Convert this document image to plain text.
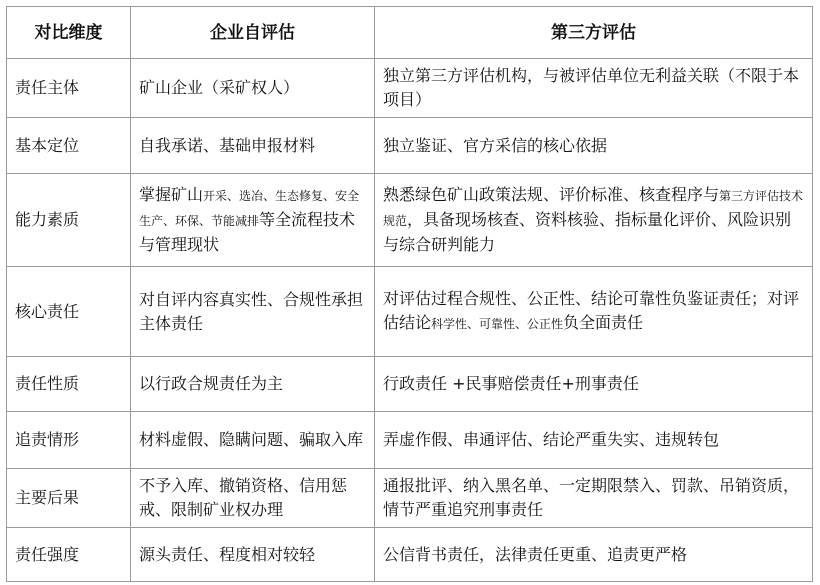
对比维度	企业自评估	第三方评估
责任主体	矿山企业（采矿权人）	独立第三方评估机构，与被评估单位无利益关联（不限于本项目）
基本定位	自我承诺、基础申报材料	独立鉴证、官方采信的核心依据
能力素质	掌握矿山开采、选冶、生态修复、安全生产、环保、节能减排等全流程技术与管理现状	熟悉绿色矿山政策法规、评价标准、核查程序与第三方评估技术规范，具备现场核查、资料核验、指标量化评价、风险识别与综合研判能力
核心责任	对自评内容真实性、合规性承担主体责任	对评估过程合规性、公正性、结论可靠性负鉴证责任；对评估结论科学性、可靠性、公正性负全面责任
责任性质	以行政合规责任为主	行政责任 +民事赔偿责任+刑事责任
追责情形	材料虚假、隐瞒问题、骗取入库	弄虚作假、串通评估、结论严重失实、违规转包
主要后果	不予入库、撤销资格、信用惩戒、限制矿业权办理	通报批评、纳入黑名单、一定期限禁入、罚款、吊销资质，情节严重追究刑事责任
责任强度	源头责任、程度相对较轻	公信背书责任，法律责任更重、追责更严格
